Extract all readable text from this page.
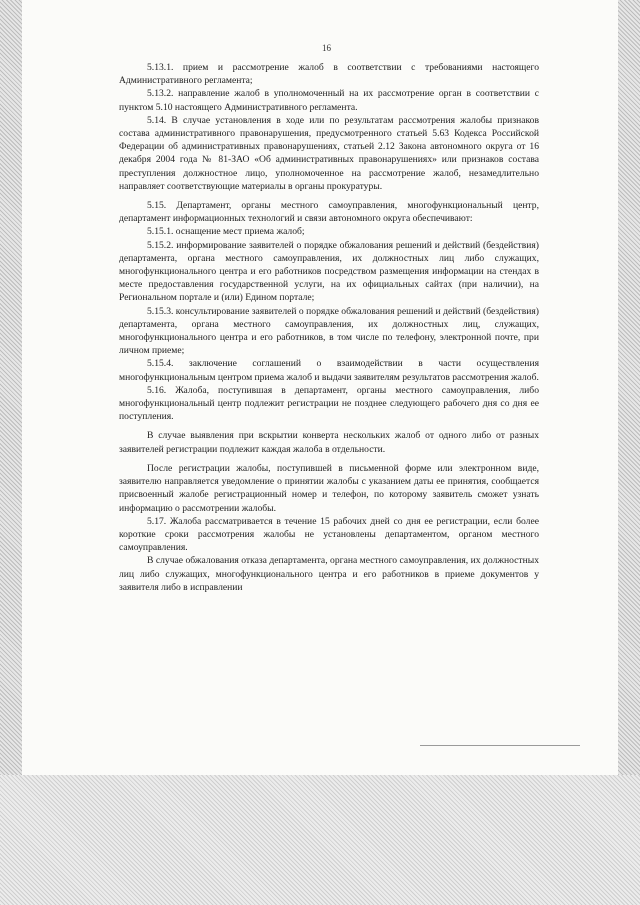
16

5.13.1. прием и рассмотрение жалоб в соответствии с требованиями настоящего Административного регламента;

5.13.2. направление жалоб в уполномоченный на их рассмотрение орган в соответствии с пунктом 5.10 настоящего Административного регламента.

5.14. В случае установления в ходе или по результатам рассмотрения жалобы признаков состава административного правонарушения, предусмотренного статьей 5.63 Кодекса Российской Федерации об административных правонарушениях, статьей 2.12 Закона автономного округа от 16 декабря 2004 года № 81-ЗАО «Об административных правонарушениях» или признаков состава преступления должностное лицо, уполномоченное на рассмотрение жалоб, незамедлительно направляет соответствующие материалы в органы прокуратуры.

5.15. Департамент, органы местного самоуправления, многофункциональный центр, департамент информационных технологий и связи автономного округа обеспечивают:

5.15.1. оснащение мест приема жалоб;

5.15.2. информирование заявителей о порядке обжалования решений и действий (бездействия) департамента, органа местного самоуправления, их должностных лиц либо служащих, многофункционального центра и его работников посредством размещения информации на стендах в месте предоставления государственной услуги, на их официальных сайтах (при наличии), на Региональном портале и (или) Едином портале;

5.15.3. консультирование заявителей о порядке обжалования решений и действий (бездействия) департамента, органа местного самоуправления, их должностных лиц, служащих, многофункционального центра и его работников, в том числе по телефону, электронной почте, при личном приеме;

5.15.4. заключение соглашений о взаимодействии в части осуществления многофункциональным центром приема жалоб и выдачи заявителям результатов рассмотрения жалоб.

5.16. Жалоба, поступившая в департамент, органы местного самоуправления, либо многофункциональный центр подлежит регистрации не позднее следующего рабочего дня со дня ее поступления.

В случае выявления при вскрытии конверта нескольких жалоб от одного либо от разных заявителей регистрации подлежит каждая жалоба в отдельности.

После регистрации жалобы, поступившей в письменной форме или электронном виде, заявителю направляется уведомление о принятии жалобы с указанием даты ее принятия, сообщается присвоенный жалобе регистрационный номер и телефон, по которому заявитель сможет узнать информацию о рассмотрении жалобы.

5.17. Жалоба рассматривается в течение 15 рабочих дней со дня ее регистрации, если более короткие сроки рассмотрения жалобы не установлены департаментом, органом местного самоуправления.

В случае обжалования отказа департамента, органа местного самоуправления, их должностных лиц либо служащих, многофункционального центра и его работников в приеме документов у заявителя либо в исправлении
